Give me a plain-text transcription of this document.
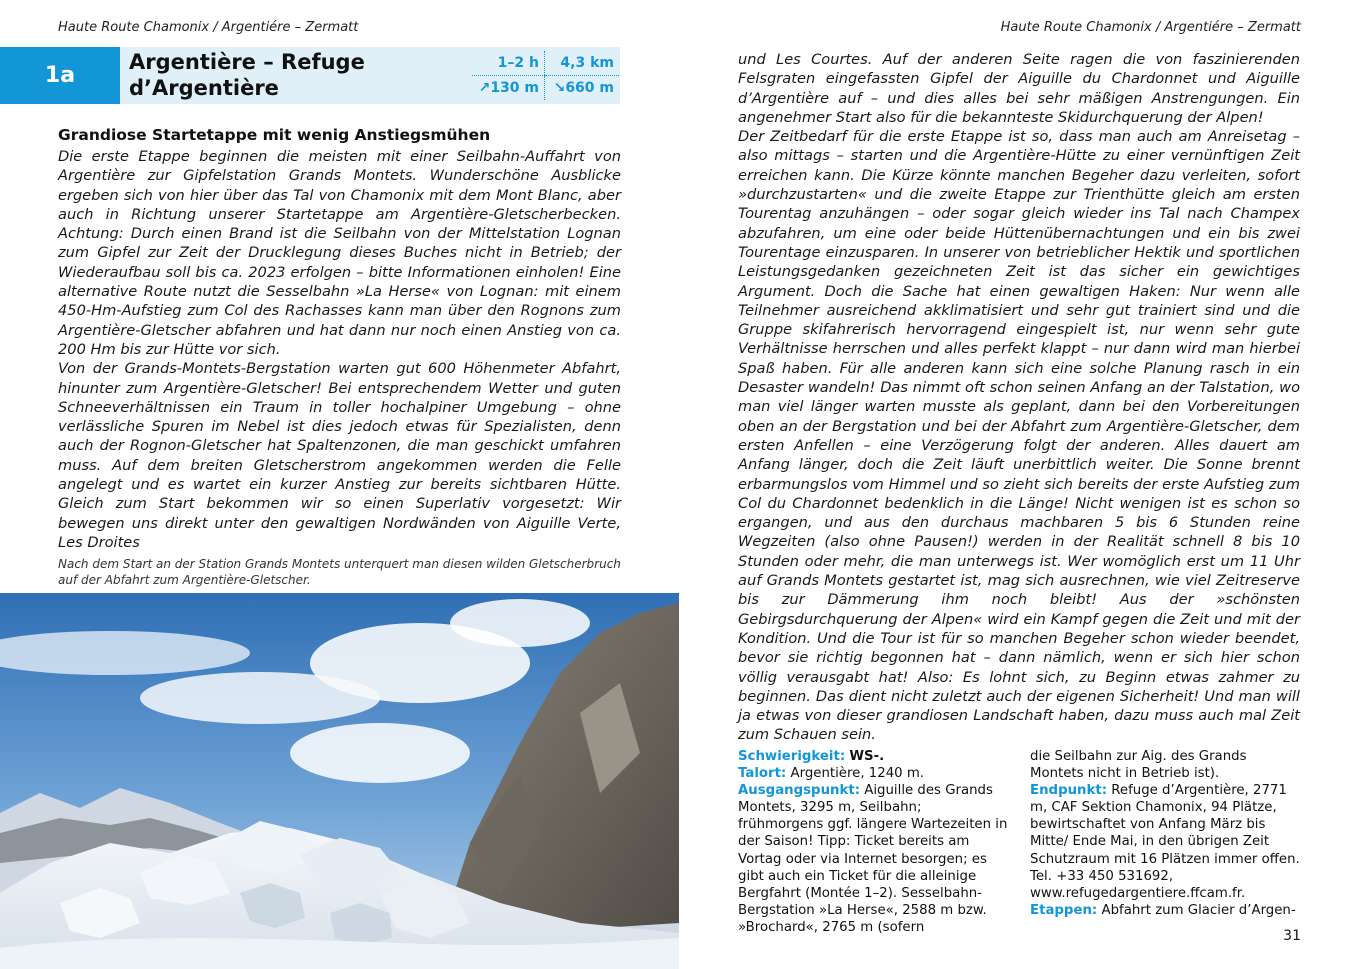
Haute Route Chamonix / Argentiére – Zermatt	Haute Route Chamonix / Argentiére – Zermatt
1a
Argentière – Refuge
d’Argentière
1–2 h	4,3 km
↗130 m	↘660 m
Grandiose Startetappe mit wenig Anstiegsmühen

Die erste Etappe beginnen die meisten mit einer Seilbahn-Auffahrt von Argentière zur Gipfelstation Grands Montets. Wunderschöne Ausblicke ergeben sich von hier über das Tal von Chamonix mit dem Mont Blanc, aber auch in Richtung unserer Startetappe am Argentière-Gletscherbecken. Achtung: Durch einen Brand ist die Seilbahn von der Mittelstation Lognan zum Gipfel zur Zeit der Drucklegung dieses Buches nicht in Betrieb; der Wiederaufbau soll bis ca. 2023 erfolgen – bitte Informationen einholen! Eine alternative Route nutzt die Sesselbahn »La Herse« von Lognan: mit einem 450-Hm-Aufstieg zum Col des Rachasses kann man über den Rognons zum Argentière-Gletscher abfahren und hat dann nur noch einen Anstieg von ca. 200 Hm bis zur Hütte vor sich.

Von der Grands-Montets-Bergstation warten gut 600 Höhenmeter Abfahrt, hinunter zum Argentière-Gletscher! Bei entsprechendem Wetter und guten Schneeverhältnissen ein Traum in toller hochalpiner Umgebung – ohne verlässliche Spuren im Nebel ist dies jedoch etwas für Spezialisten, denn auch der Rognon-Gletscher hat Spaltenzonen, die man geschickt umfahren muss. Auf dem breiten Gletscherstrom angekommen werden die Felle angelegt und es wartet ein kurzer Anstieg zur bereits sichtbaren Hütte. Gleich zum Start bekommen wir so einen Superlativ vorgesetzt: Wir bewegen uns direkt unter den gewaltigen Nordwänden von Aiguille Verte, Les Droites

Nach dem Start an der Station Grands Montets unterquert man diesen wilden Gletscherbruch auf der Abfahrt zum Argentière-Gletscher.

und Les Courtes. Auf der anderen Seite ragen die von faszinierenden Felsgraten eingefassten Gipfel der Aiguille du Chardonnet und Aiguille d’Argentière auf – und dies alles bei sehr mäßigen Anstrengungen. Ein angenehmer Start also für die bekannteste Skidurchquerung der Alpen!

Der Zeitbedarf für die erste Etappe ist so, dass man auch am Anreisetag – also mittags – starten und die Argentière-Hütte zu einer vernünftigen Zeit erreichen kann. Die Kürze könnte manchen Begeher dazu verleiten, sofort »durchzustarten« und die zweite Etappe zur Trienthütte gleich am ersten Tourentag anzuhängen – oder sogar gleich wieder ins Tal nach Champex abzufahren, um eine oder beide Hüttenübernachtungen und ein bis zwei Tourentage einzusparen. In unserer von betrieblicher Hektik und sportlichen Leistungsgedanken gezeichneten Zeit ist das sicher ein gewichtiges Argument. Doch die Sache hat einen gewaltigen Haken: Nur wenn alle Teilnehmer ausreichend akklimatisiert und sehr gut trainiert sind und die Gruppe skifahrerisch hervorragend eingespielt ist, nur wenn sehr gute Verhältnisse herrschen und alles perfekt klappt – nur dann wird man hierbei Spaß haben. Für alle anderen kann sich eine solche Planung rasch in ein Desaster wandeln! Das nimmt oft schon seinen Anfang an der Talstation, wo man viel länger warten musste als geplant, dann bei den Vorbereitungen oben an der Bergstation und bei der Abfahrt zum Argentière-Gletscher, dem ersten Anfellen – eine Verzögerung folgt der anderen. Alles dauert am Anfang länger, doch die Zeit läuft unerbittlich weiter. Die Sonne brennt erbarmungslos vom Himmel und so zieht sich bereits der erste Aufstieg zum Col du Chardonnet bedenklich in die Länge! Nicht wenigen ist es schon so ergangen, und aus den durchaus machbaren 5 bis 6 Stunden reine Wegzeiten (also ohne Pausen!) werden in der Realität schnell 8 bis 10 Stunden oder mehr, die man unterwegs ist. Wer womöglich erst um 11 Uhr auf Grands Montets gestartet ist, mag sich ausrechnen, wie viel Zeitreserve bis zur Dämmerung ihm noch bleibt! Aus der »schönsten Gebirgsdurchquerung der Alpen« wird ein Kampf gegen die Zeit und mit der Kondition. Und die Tour ist für so manchen Begeher schon wieder beendet, bevor sie richtig begonnen hat – dann nämlich, wenn er sich hier schon völlig verausgabt hat! Also: Es lohnt sich, zu Beginn etwas zahmer zu beginnen. Das dient nicht zuletzt auch der eigenen Sicherheit! Und man will ja etwas von dieser grandiosen Landschaft haben, dazu muss auch mal Zeit zum Schauen sein.

Schwierigkeit: WS-.

Talort: Argentière, 1240 m.

Ausgangspunkt: Aiguille des Grands Montets, 3295 m, Seilbahn; frühmorgens ggf. längere Wartezeiten in der Saison! Tipp: Ticket bereits am Vortag oder via Internet besorgen; es gibt auch ein Ticket für die alleinige Bergfahrt (Montée 1–2). Sesselbahn-Bergstation »La Herse«, 2588 m bzw. »Brochard«, 2765 m (sofern

die Seilbahn zur Aig. des Grands Montets nicht in Betrieb ist).

Endpunkt: Refuge d’Argentière, 2771 m, CAF Sektion Chamonix, 94 Plätze, bewirtschaftet von Anfang März bis Mitte/ Ende Mai, in den übrigen Zeit Schutzraum mit 16 Plätzen immer offen. Tel. +33 450 531692, www.refugedargentiere.ffcam.fr.

Etappen: Abfahrt zum Glacier d’Argen-

31
